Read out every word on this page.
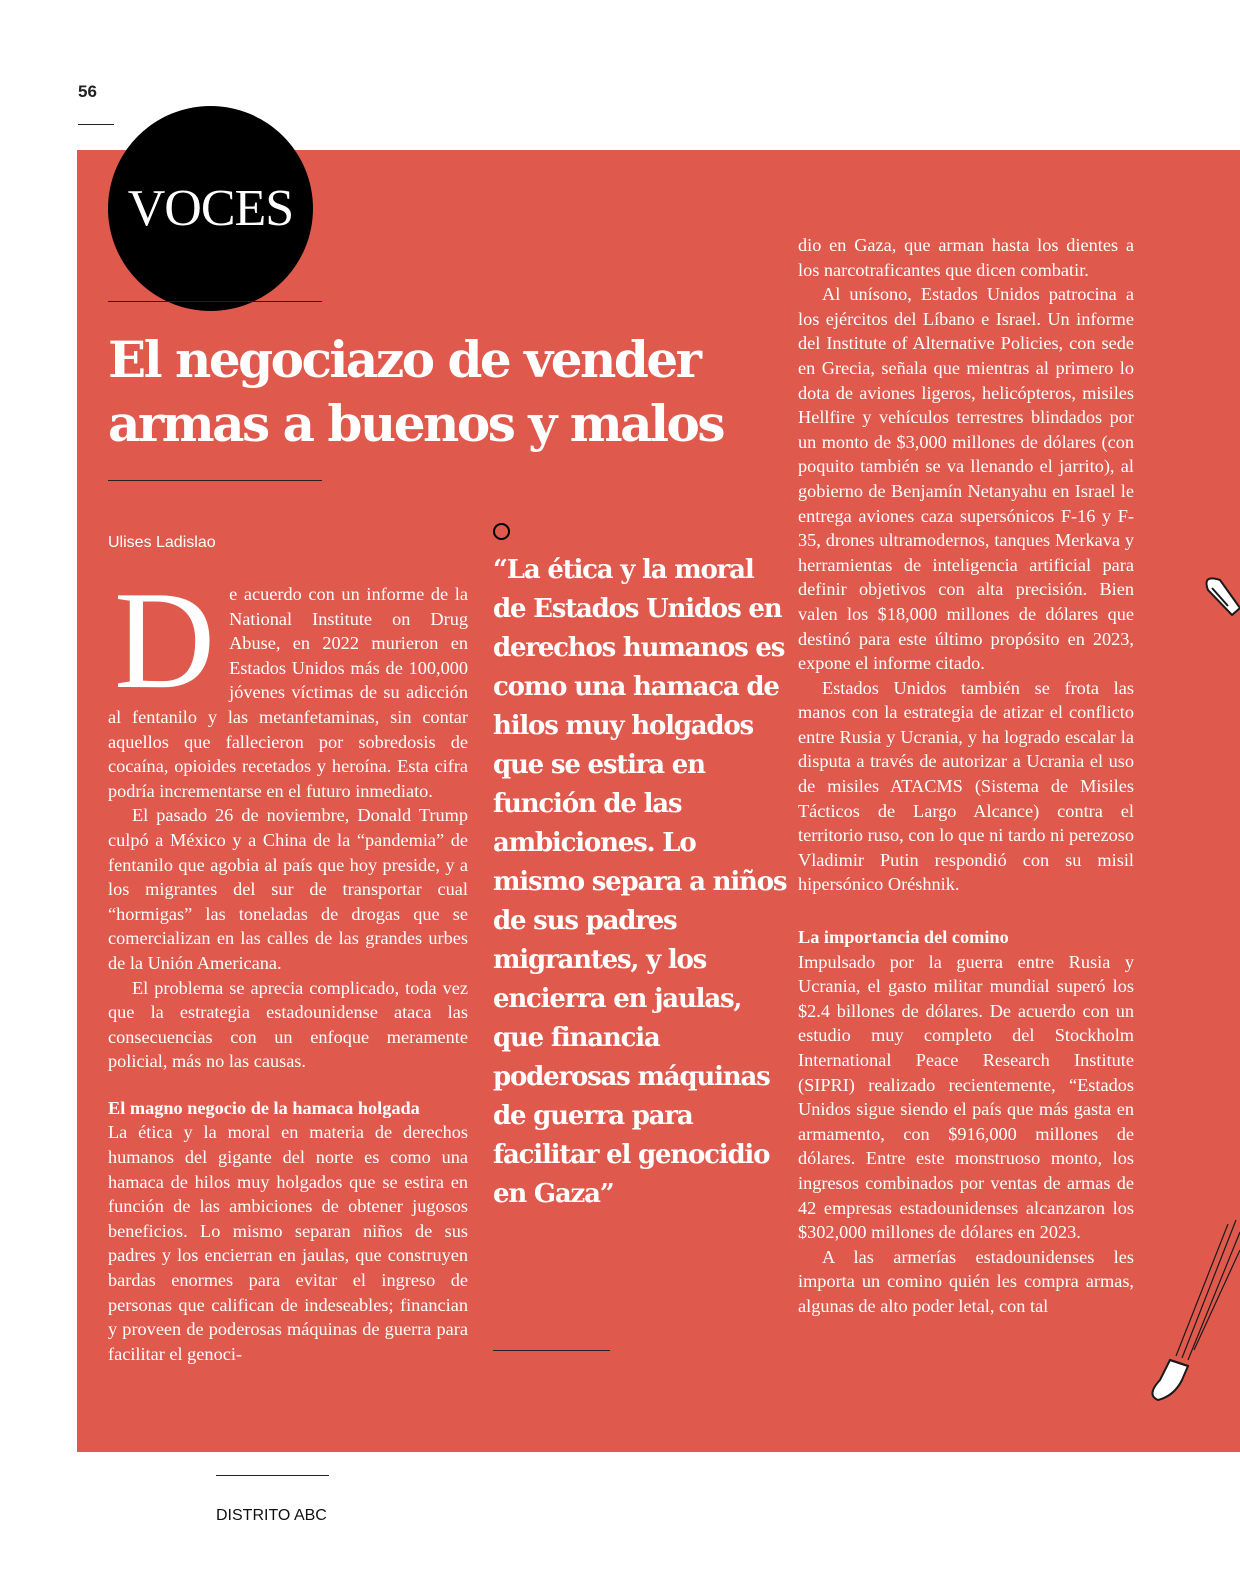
56
VOCES
El negociazo de vender armas a buenos y malos
Ulises Ladislao
D e acuerdo con un informe de la National Institute on Drug Abuse, en 2022 murieron en Estados Unidos más de 100,000 jóvenes víctimas de su adicción al fentanilo y las metanfetaminas, sin contar aquellos que fallecieron por sobredosis de cocaína, opioides recetados y heroína. Esta cifra podría incrementarse en el futuro inmediato.

El pasado 26 de noviembre, Donald Trump culpó a México y a China de la “pandemia” de fentanilo que agobia al país que hoy preside, y a los migrantes del sur de transportar cual “hormigas” las toneladas de drogas que se comercializan en las calles de las grandes urbes de la Unión Americana.

El problema se aprecia complicado, toda vez que la estrategia estadounidense ataca las consecuencias con un enfoque meramente policial, más no las causas.

El magno negocio de la hamaca holgada

La ética y la moral en materia de derechos humanos del gigante del norte es como una hamaca de hilos muy holgados que se estira en función de las ambiciones de obtener jugosos beneficios. Lo mismo separan niños de sus padres y los encierran en jaulas, que construyen bardas enormes para evitar el ingreso de personas que califican de indeseables; financian y proveen de poderosas máquinas de guerra para facilitar el genoci-

“La ética y la moral de Estados Unidos en derechos humanos es como una hamaca de hilos muy holgados que se estira en función de las ambiciones. Lo mismo separa a niños de sus padres migrantes, y los encierra en jaulas, que financia poderosas máquinas de guerra para facilitar el genocidio en Gaza”

dio en Gaza, que arman hasta los dientes a los narcotraficantes que dicen combatir.

Al unísono, Estados Unidos patrocina a los ejércitos del Líbano e Israel. Un informe del Institute of Alternative Policies, con sede en Grecia, señala que mientras al primero lo dota de aviones ligeros, helicópteros, misiles Hellfire y vehículos terrestres blindados por un monto de $3,000 millones de dólares (con poquito también se va llenando el jarrito), al gobierno de Benjamín Netanyahu en Israel le entrega aviones caza supersónicos F-16 y F-35, drones ultramodernos, tanques Merkava y herramientas de inteligencia artificial para definir objetivos con alta precisión. Bien valen los $18,000 millones de dólares que destinó para este último propósito en 2023, expone el informe citado.

Estados Unidos también se frota las manos con la estrategia de atizar el conflicto entre Rusia y Ucrania, y ha logrado escalar la disputa a través de autorizar a Ucrania el uso de misiles ATACMS (Sistema de Misiles Tácticos de Largo Alcance) contra el territorio ruso, con lo que ni tardo ni perezoso Vladimir Putin respondió con su misil hipersónico Oréshnik.

La importancia del comino

Impulsado por la guerra entre Rusia y Ucrania, el gasto militar mundial superó los $2.4 billones de dólares. De acuerdo con un estudio muy completo del Stockholm International Peace Research Institute (SIPRI) realizado recientemente, “Estados Unidos sigue siendo el país que más gasta en armamento, con $916,000 millones de dólares. Entre este monstruoso monto, los ingresos combinados por ventas de armas de 42 empresas estadounidenses alcanzaron los $302,000 millones de dólares en 2023.

A las armerías estadounidenses les importa un comino quién les compra armas, algunas de alto poder letal, con tal

DISTRITO ABC
